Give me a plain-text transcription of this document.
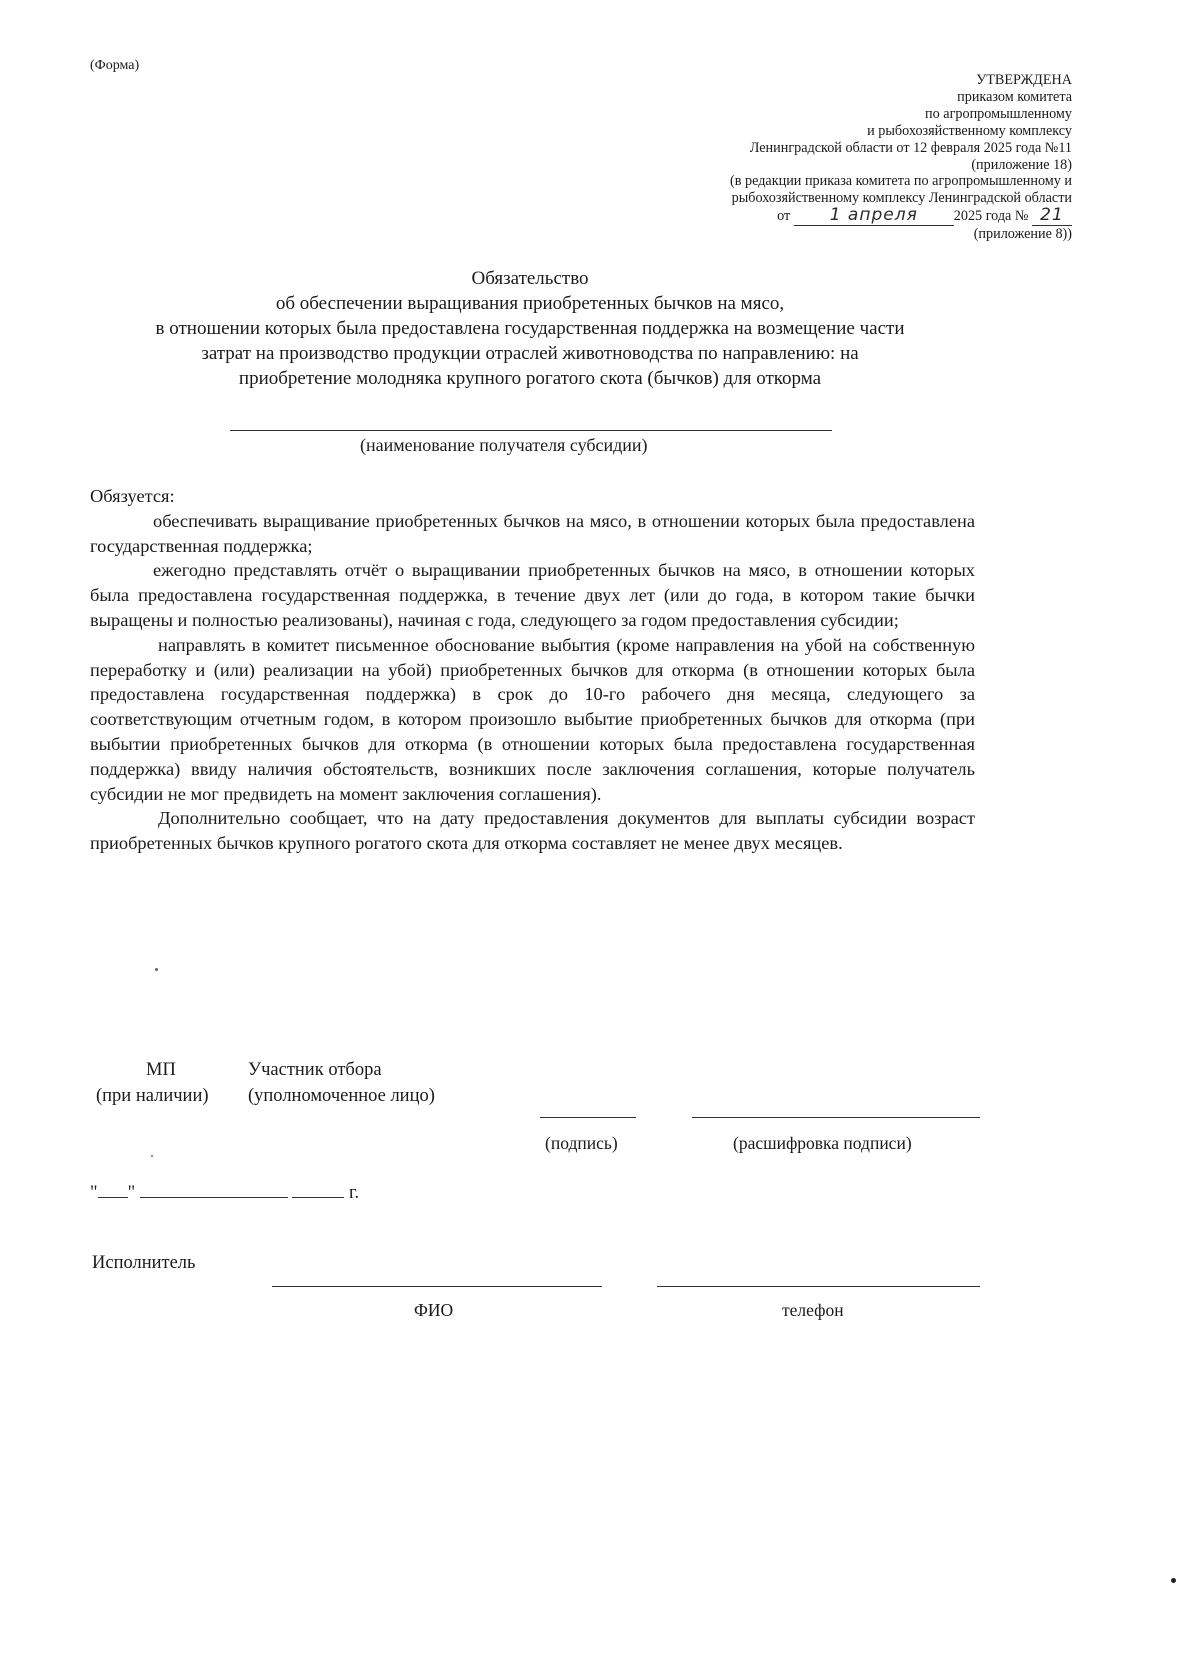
(Форма)
УТВЕРЖДЕНА
приказом комитета
по агропромышленному
и рыбохозяйственному комплексу
Ленинградской области от 12 февраля 2025 года №11
(приложение 18)
(в редакции приказа комитета по агропромышленному и
рыбохозяйственному комплексу Ленинградской области
от 1 апреля	2025 года № 21
(приложение 8))
Обязательство
об обеспечении выращивания приобретенных бычков на мясо,
в отношении которых была предоставлена государственная поддержка на возмещение части
затрат на производство продукции отраслей животноводства по направлению: на
приобретение молодняка крупного рогатого скота (бычков) для откорма
(наименование получателя субсидии)

Обязуется:

обеспечивать выращивание приобретенных бычков на мясо, в отношении которых была предоставлена государственная поддержка;

ежегодно представлять отчёт о выращивании приобретенных бычков на мясо, в отношении которых была предоставлена государственная поддержка, в течение двух лет (или до года, в котором такие бычки выращены и полностью реализованы), начиная с года, следующего за годом предоставления субсидии;

направлять в комитет письменное обоснование выбытия (кроме направления на убой на собственную переработку и (или) реализации на убой) приобретенных бычков для откорма (в отношении которых была предоставлена государственная поддержка) в срок до 10-го рабочего дня месяца, следующего за соответствующим отчетным годом, в котором произошло выбытие приобретенных бычков для откорма (при выбытии приобретенных бычков для откорма (в отношении которых была предоставлена государственная поддержка) ввиду наличия обстоятельств, возникших после заключения соглашения, которые получатель субсидии не мог предвидеть на момент заключения соглашения).

Дополнительно сообщает, что на дату предоставления документов для выплаты субсидии возраст приобретенных бычков крупного рогатого скота для откорма составляет не менее двух месяцев.

МП
(при наличии)
Участник отбора
(уполномоченное лицо)
(подпись)	(расшифровка подписи)
" "	г.
Исполнитель
ФИО	телефон
